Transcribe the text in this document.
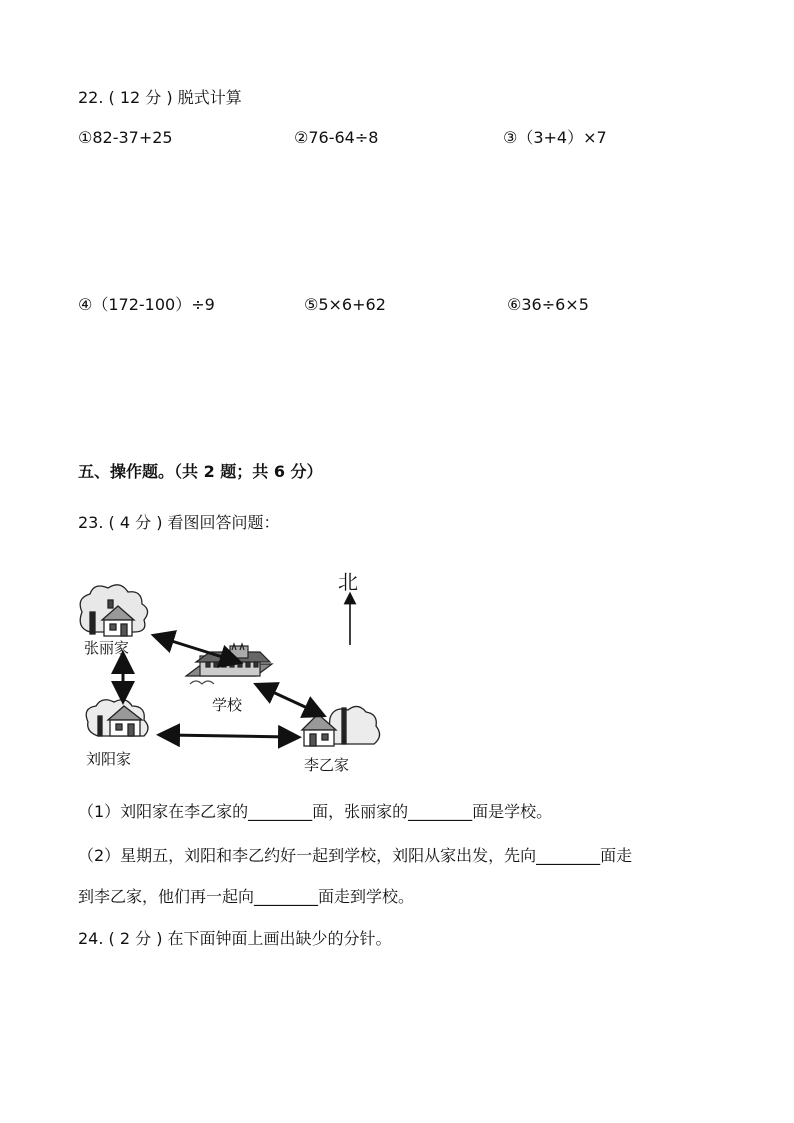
22. ( 12 分 ) 脱式计算
①82-37+25	②76-64÷8	③（3+4）×7
④（172-100）÷9	⑤5×6+62	⑥36÷6×5
五、操作题。（共 2 题；共 6 分）
23. ( 4 分 ) 看图回答问题：
北
张丽家
学校
刘阳家	李乙家
（1）刘阳家在李乙家的________面，张丽家的________面是学校。
（2）星期五，刘阳和李乙约好一起到学校，刘阳从家出发，先向________面走
到李乙家，他们再一起向________面走到学校。
24. ( 2 分 ) 在下面钟面上画出缺少的分针。
